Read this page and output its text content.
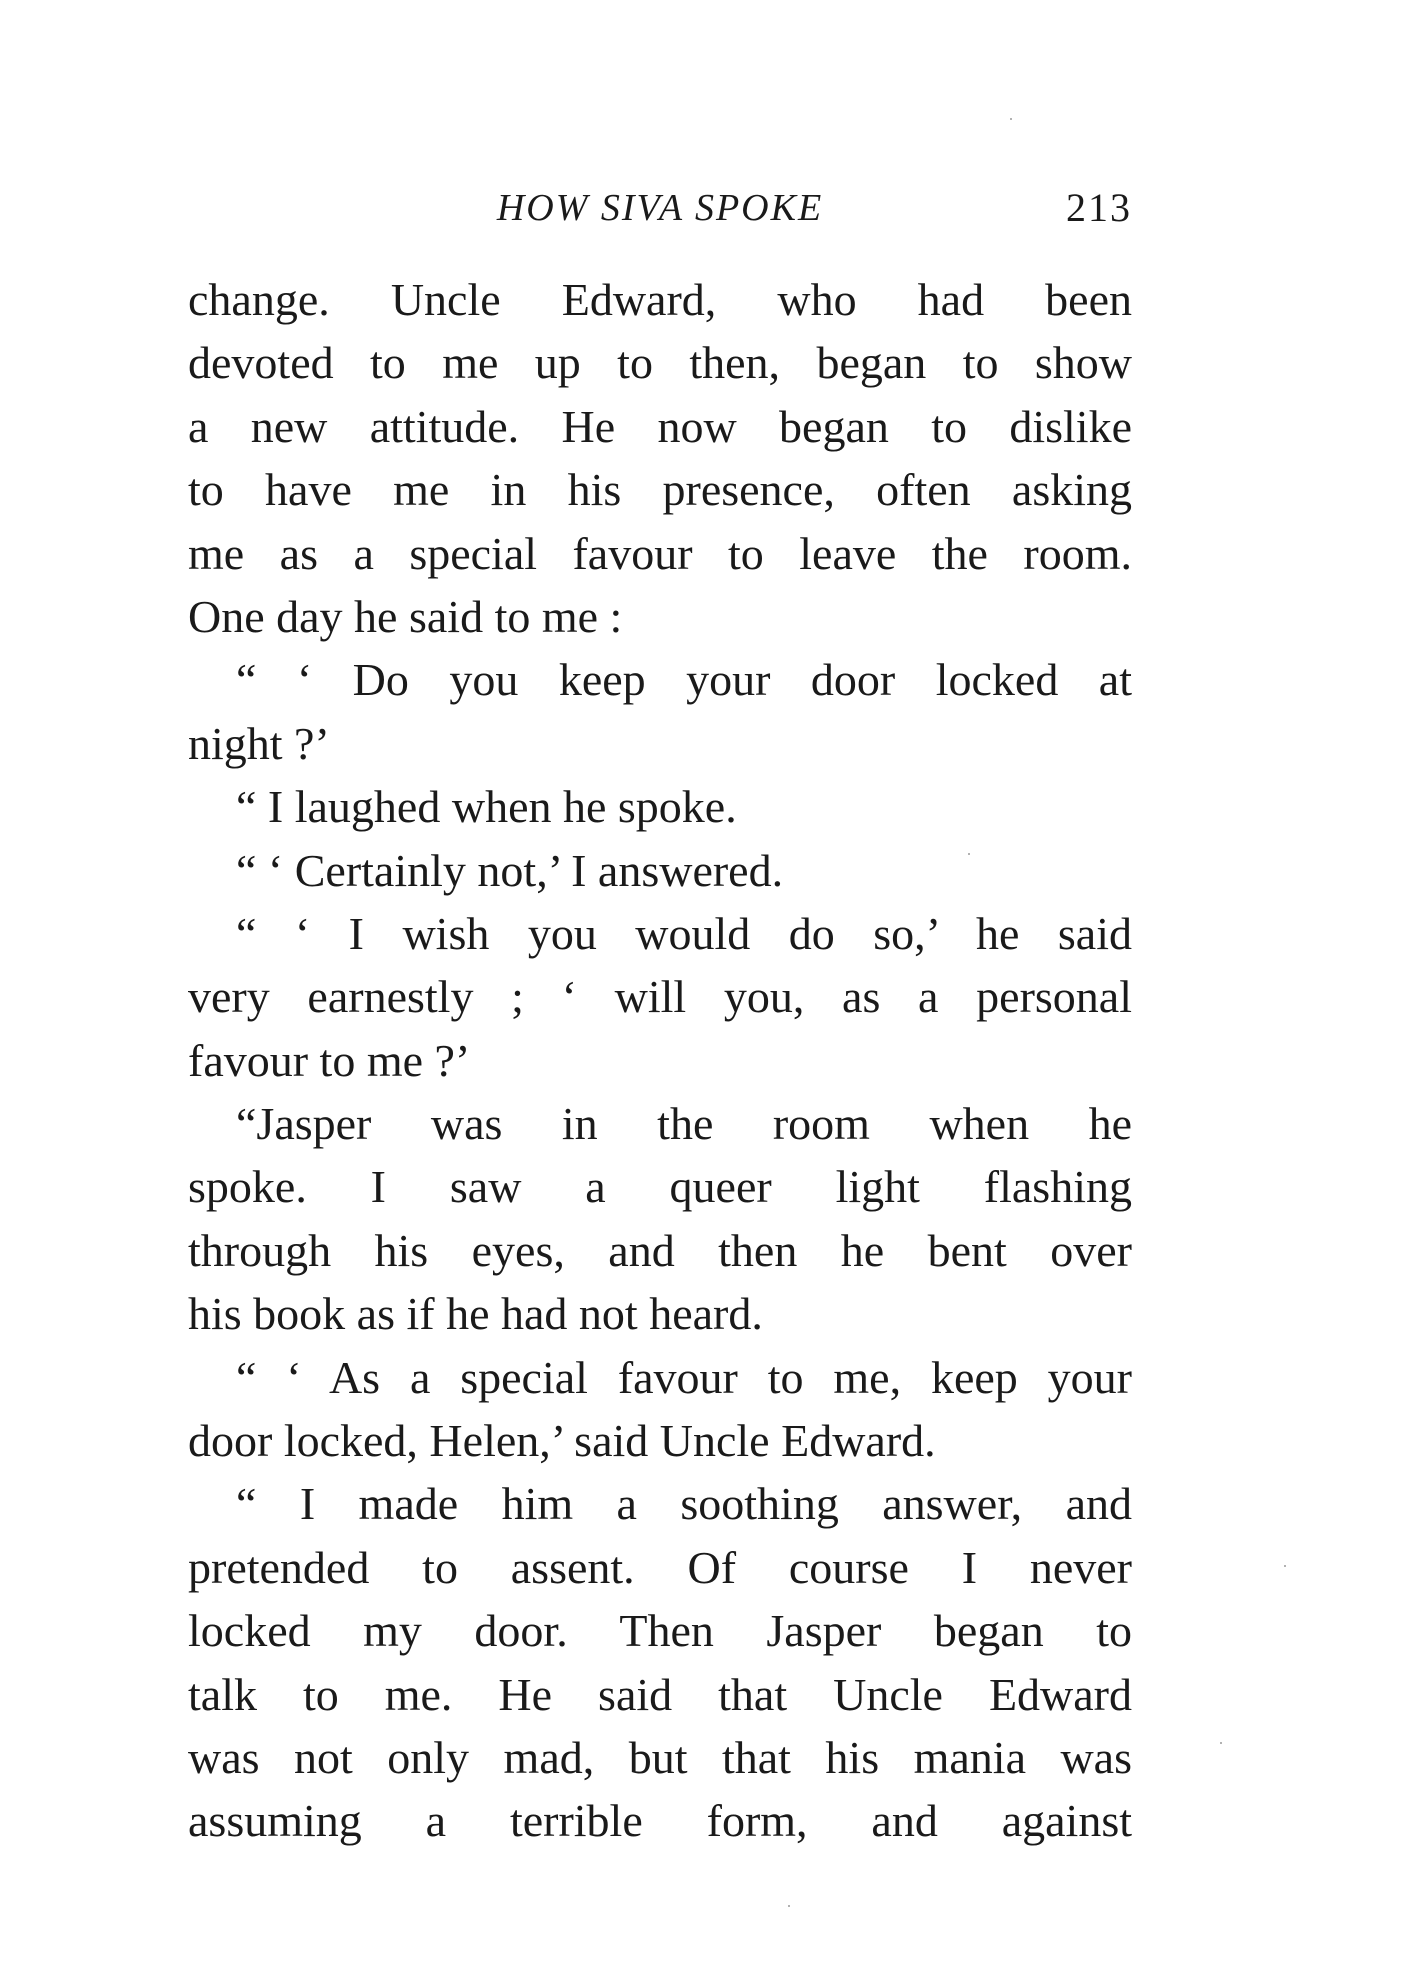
HOW SIVA SPOKE	213
change. Uncle Edward, who had been
devoted to me up to then, began to show
a new attitude. He now began to dislike
to have me in his presence, often asking
me as a special favour to leave the room.
One day he said to me :
“ ‘ Do you keep your door locked at
night ?’
“ I laughed when he spoke.
“ ‘ Certainly not,’ I answered.
“ ‘ I wish you would do so,’ he said
very earnestly ; ‘ will you, as a personal
favour to me ?’
“Jasper was in the room when he
spoke. I saw a queer light flashing
through his eyes, and then he bent over
his book as if he had not heard.
“ ‘ As a special favour to me, keep your
door locked, Helen,’ said Uncle Edward.
“ I made him a soothing answer, and
pretended to assent. Of course I never
locked my door. Then Jasper began to
talk to me. He said that Uncle Edward
was not only mad, but that his mania was
assuming a terrible form, and against
